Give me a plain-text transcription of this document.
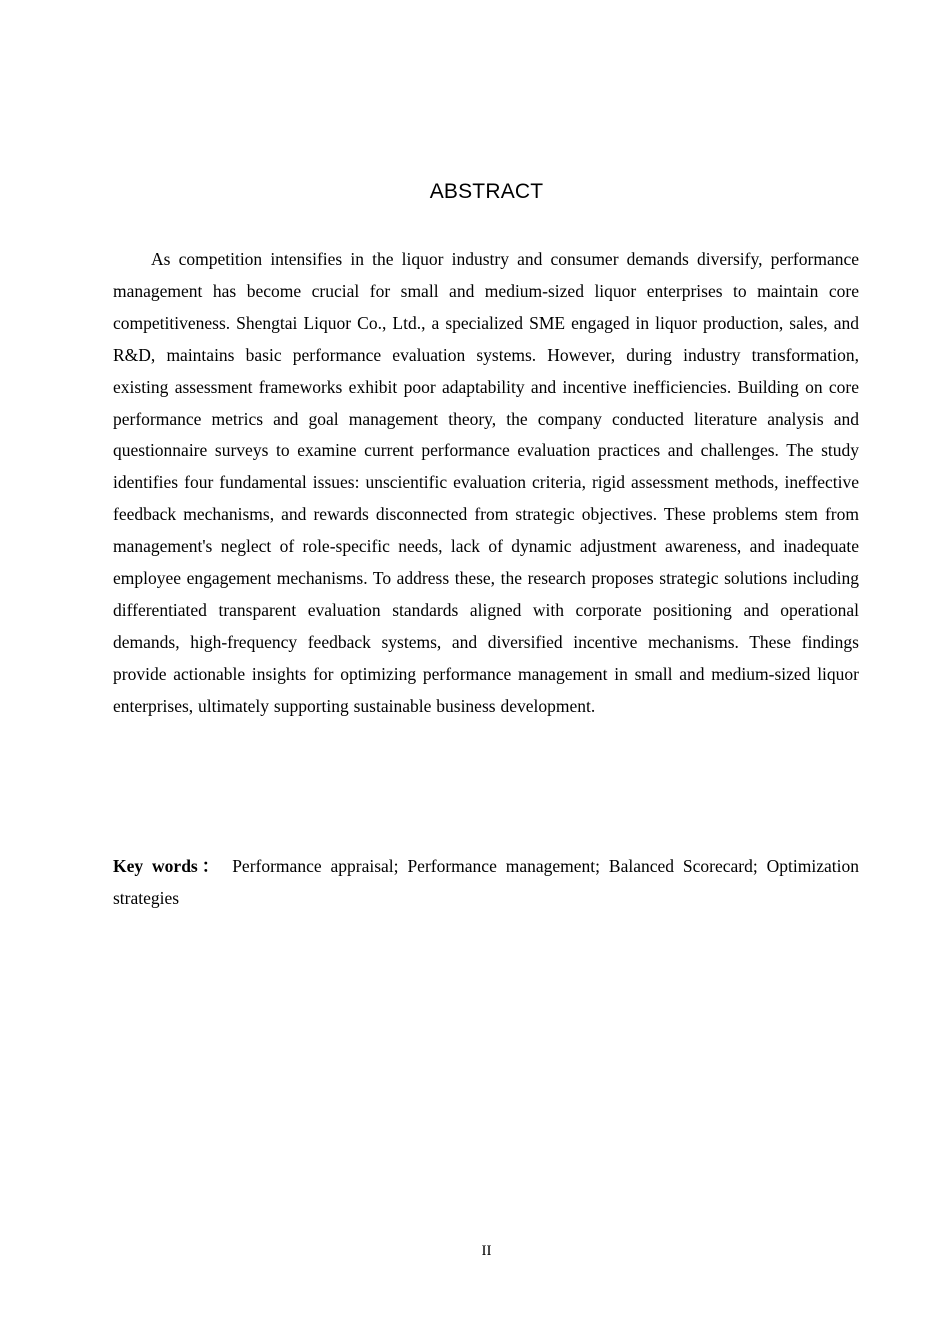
ABSTRACT

As competition intensifies in the liquor industry and consumer demands diversify, performance management has become crucial for small and medium-sized liquor enterprises to maintain core competitiveness. Shengtai Liquor Co., Ltd., a specialized SME engaged in liquor production, sales, and R&D, maintains basic performance evaluation systems. However, during industry transformation, existing assessment frameworks exhibit poor adaptability and incentive inefficiencies. Building on core performance metrics and goal management theory, the company conducted literature analysis and questionnaire surveys to examine current performance evaluation practices and challenges. The study identifies four fundamental issues: unscientific evaluation criteria, rigid assessment methods, ineffective feedback mechanisms, and rewards disconnected from strategic objectives. These problems stem from management's neglect of role-specific needs, lack of dynamic adjustment awareness, and inadequate employee engagement mechanisms. To address these, the research proposes strategic solutions including differentiated transparent evaluation standards aligned with corporate positioning and operational demands, high-frequency feedback systems, and diversified incentive mechanisms. These findings provide actionable insights for optimizing performance management in small and medium-sized liquor enterprises, ultimately supporting sustainable business development.

Key words： Performance appraisal; Performance management; Balanced Scorecard; Optimization strategies

II
